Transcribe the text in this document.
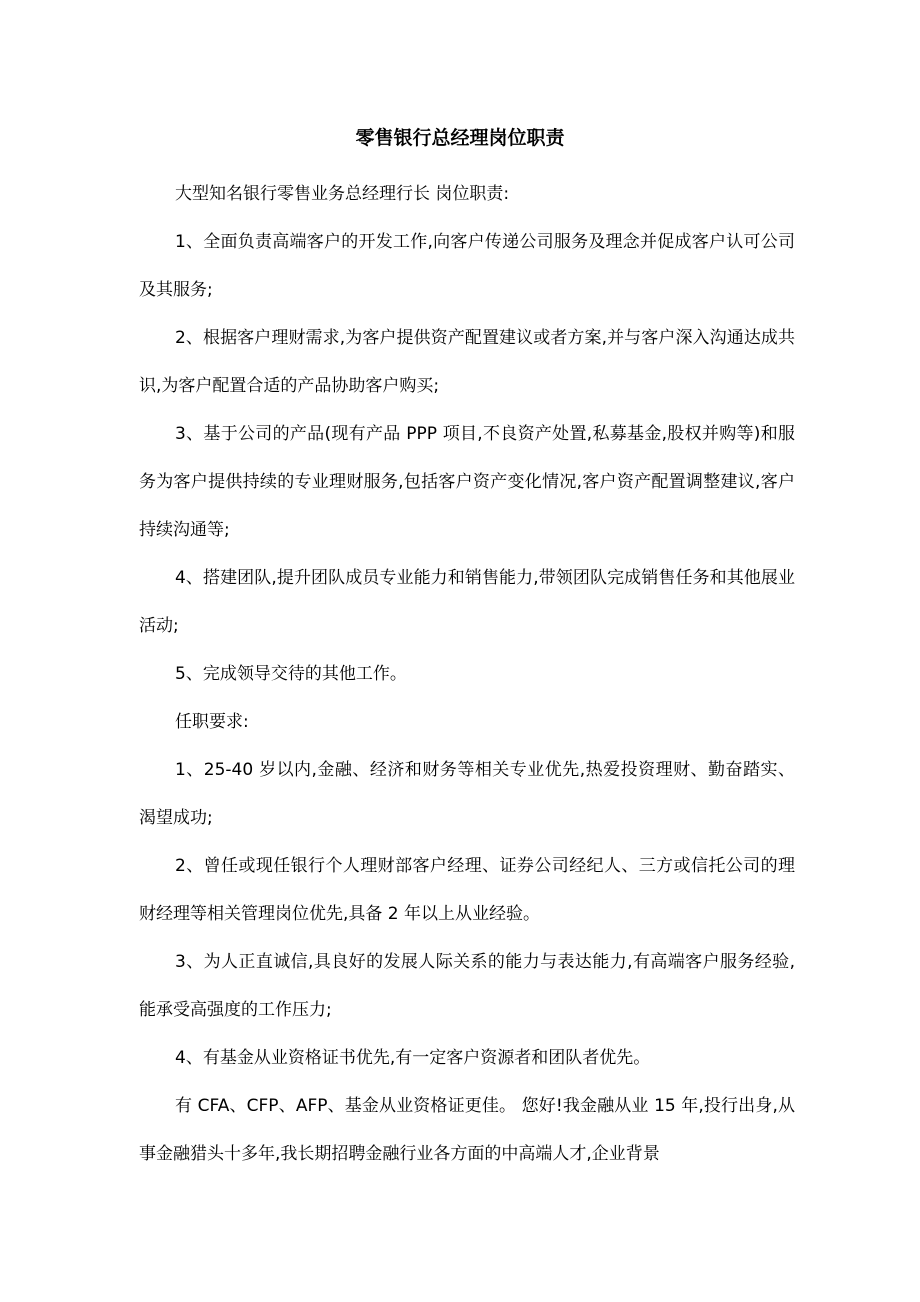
零售银行总经理岗位职责

大型知名银行零售业务总经理行长 岗位职责:

1、全面负责高端客户的开发工作,向客户传递公司服务及理念并促成客户认可公司及其服务;

2、根据客户理财需求,为客户提供资产配置建议或者方案,并与客户深入沟通达成共识,为客户配置合适的产品协助客户购买;

3、基于公司的产品(现有产品 PPP 项目,不良资产处置,私募基金,股权并购等)和服务为客户提供持续的专业理财服务,包括客户资产变化情况,客户资产配置调整建议,客户持续沟通等;

4、搭建团队,提升团队成员专业能力和销售能力,带领团队完成销售任务和其他展业活动;

5、完成领导交待的其他工作。

任职要求:

1、25-40 岁以内,金融、经济和财务等相关专业优先,热爱投资理财、勤奋踏实、渴望成功;

2、曾任或现任银行个人理财部客户经理、证券公司经纪人、三方或信托公司的理财经理等相关管理岗位优先,具备 2 年以上从业经验。

3、为人正直诚信,具良好的发展人际关系的能力与表达能力,有高端客户服务经验,能承受高强度的工作压力;

4、有基金从业资格证书优先,有一定客户资源者和团队者优先。

有 CFA、CFP、AFP、基金从业资格证更佳。 您好!我金融从业 15 年,投行出身,从事金融猎头十多年,我长期招聘金融行业各方面的中高端人才,企业背景
